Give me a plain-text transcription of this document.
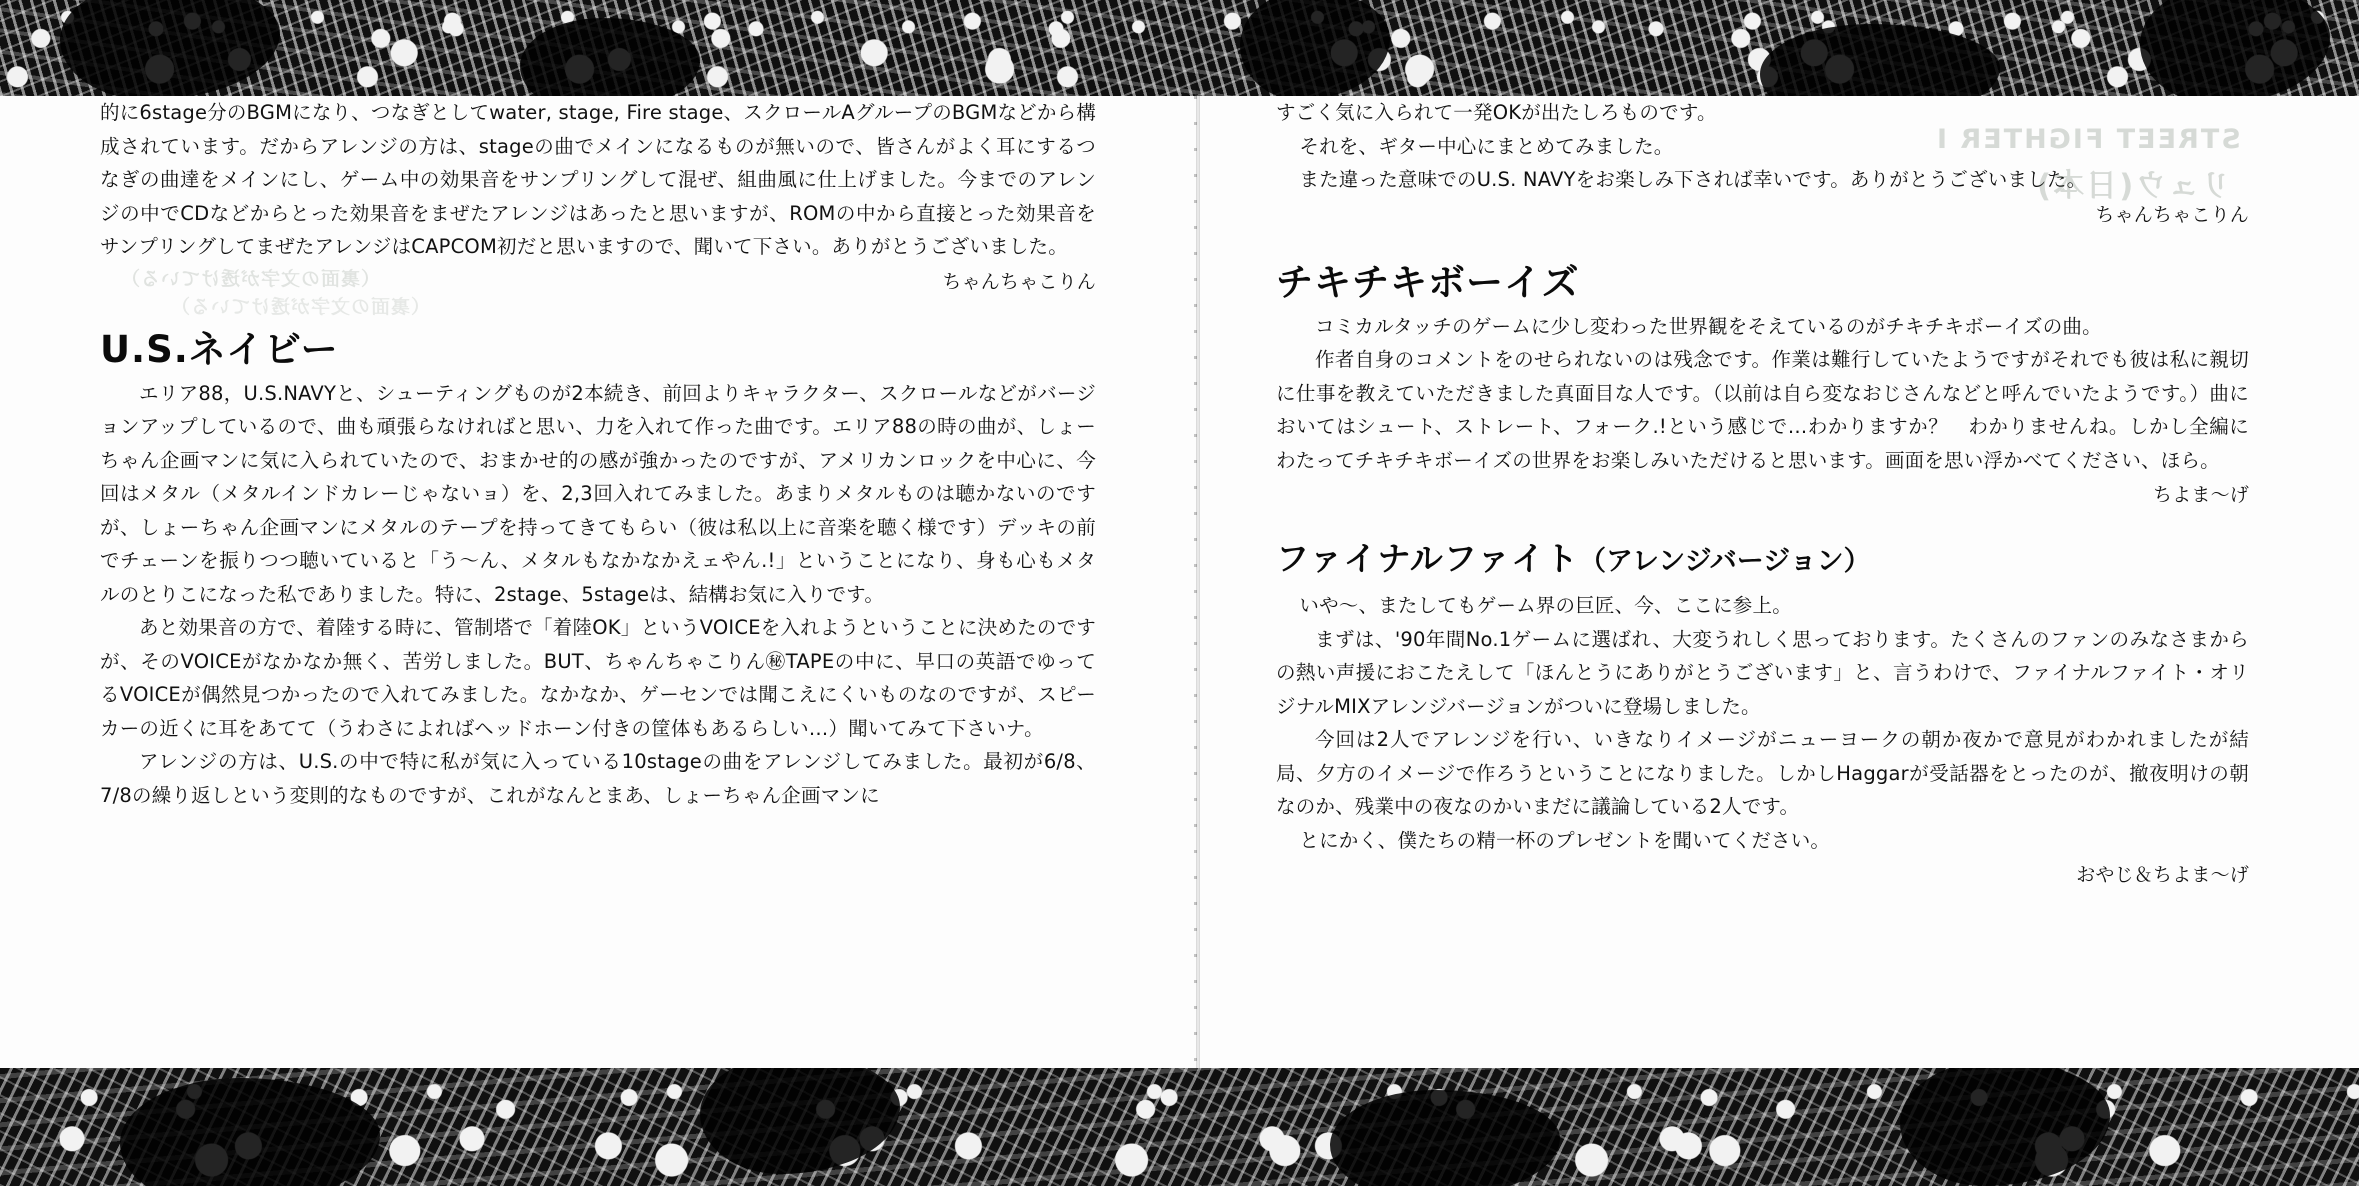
的に6stage分のBGMになり、つなぎとしてwater, stage, Fire stage、スクロールAグループのBGMなどから構成されています。だからアレンジの方は、stageの曲でメインになるものが無いので、皆さんがよく耳にするつなぎの曲達をメインにし、ゲーム中の効果音をサンプリングして混ぜ、組曲風に仕上げました。今までのアレンジの中でCDなどからとった効果音をまぜたアレンジはあったと思いますが、ROMの中から直接とった効果音をサンプリングしてまぜたアレンジはCAPCOM初だと思いますので、聞いて下さい。ありがとうございました。

ちゃんちゃこりん

U.S.ネイビー

エリア88，U.S.NAVYと、シューティングものが2本続き、前回よりキャラクター、スクロールなどがバージョンアップしているので、曲も頑張らなければと思い、力を入れて作った曲です。エリア88の時の曲が、しょーちゃん企画マンに気に入られていたので、おまかせ的の感が強かったのですが、アメリカンロックを中心に、今回はメタル（メタルインドカレーじゃないョ）を、2,3回入れてみました。あまりメタルものは聴かないのですが、しょーちゃん企画マンにメタルのテープを持ってきてもらい（彼は私以上に音楽を聴く様です）デッキの前でチェーンを振りつつ聴いていると「う～ん、メタルもなかなかえェやん.!」ということになり、身も心もメタルのとりこになった私でありました。特に、2stage、5stageは、結構お気に入りです。

あと効果音の方で、着陸する時に、管制塔で「着陸OK」というVOICEを入れようということに決めたのですが、そのVOICEがなかなか無く、苦労しました。BUT、ちゃんちゃこりん㊙TAPEの中に、早口の英語でゆってるVOICEが偶然見つかったので入れてみました。なかなか、ゲーセンでは聞こえにくいものなのですが、スピーカーの近くに耳をあてて（うわさによればヘッドホーン付きの筐体もあるらしい…）聞いてみて下さいナ。

アレンジの方は、U.S.の中で特に私が気に入っている10stageの曲をアレンジしてみました。最初が6/8、7/8の繰り返しという変則的なものですが、これがなんとまあ、しょーちゃん企画マンに

（裏面の文字が透けている）
（裏面の文字が透けている）

すごく気に入られて一発OKが出たしろものです。

それを、ギター中心にまとめてみました。

また違った意味でのU.S. NAVYをお楽しみ下されば幸いです。ありがとうございました。

ちゃんちゃこりん

チキチキボーイズ

コミカルタッチのゲームに少し変わった世界観をそえているのがチキチキボーイズの曲。

作者自身のコメントをのせられないのは残念です。作業は難行していたようですがそれでも彼は私に親切に仕事を教えていただきました真面目な人です。（以前は自ら変なおじさんなどと呼んでいたようです。）曲においてはシュート、ストレート、フォーク.!という感じで…わかりますか？　わかりませんね。しかし全編にわたってチキチキボーイズの世界をお楽しみいただけると思います。画面を思い浮かべてください、ほら。

ちよま～げ

ファイナルファイト（アレンジバージョン）

いや～、またしてもゲーム界の巨匠、今、ここに参上。

まずは、'90年間No.1ゲームに選ばれ、大変うれしく思っております。たくさんのファンのみなさまからの熱い声援におこたえして「ほんとうにありがとうございます」と、言うわけで、ファイナルファイト・オリジナルMIXアレンジバージョンがついに登場しました。

今回は2人でアレンジを行い、いきなりイメージがニューヨークの朝か夜かで意見がわかれましたが結局、夕方のイメージで作ろうということになりました。しかしHaggarが受話器をとったのが、撤夜明けの朝なのか、残業中の夜なのかいまだに議論している2人です。

とにかく、僕たちの精一杯のプレゼントを聞いてください。

おやじ＆ちよま～げ

STREET FIGHTER I
リュウ(日本)
